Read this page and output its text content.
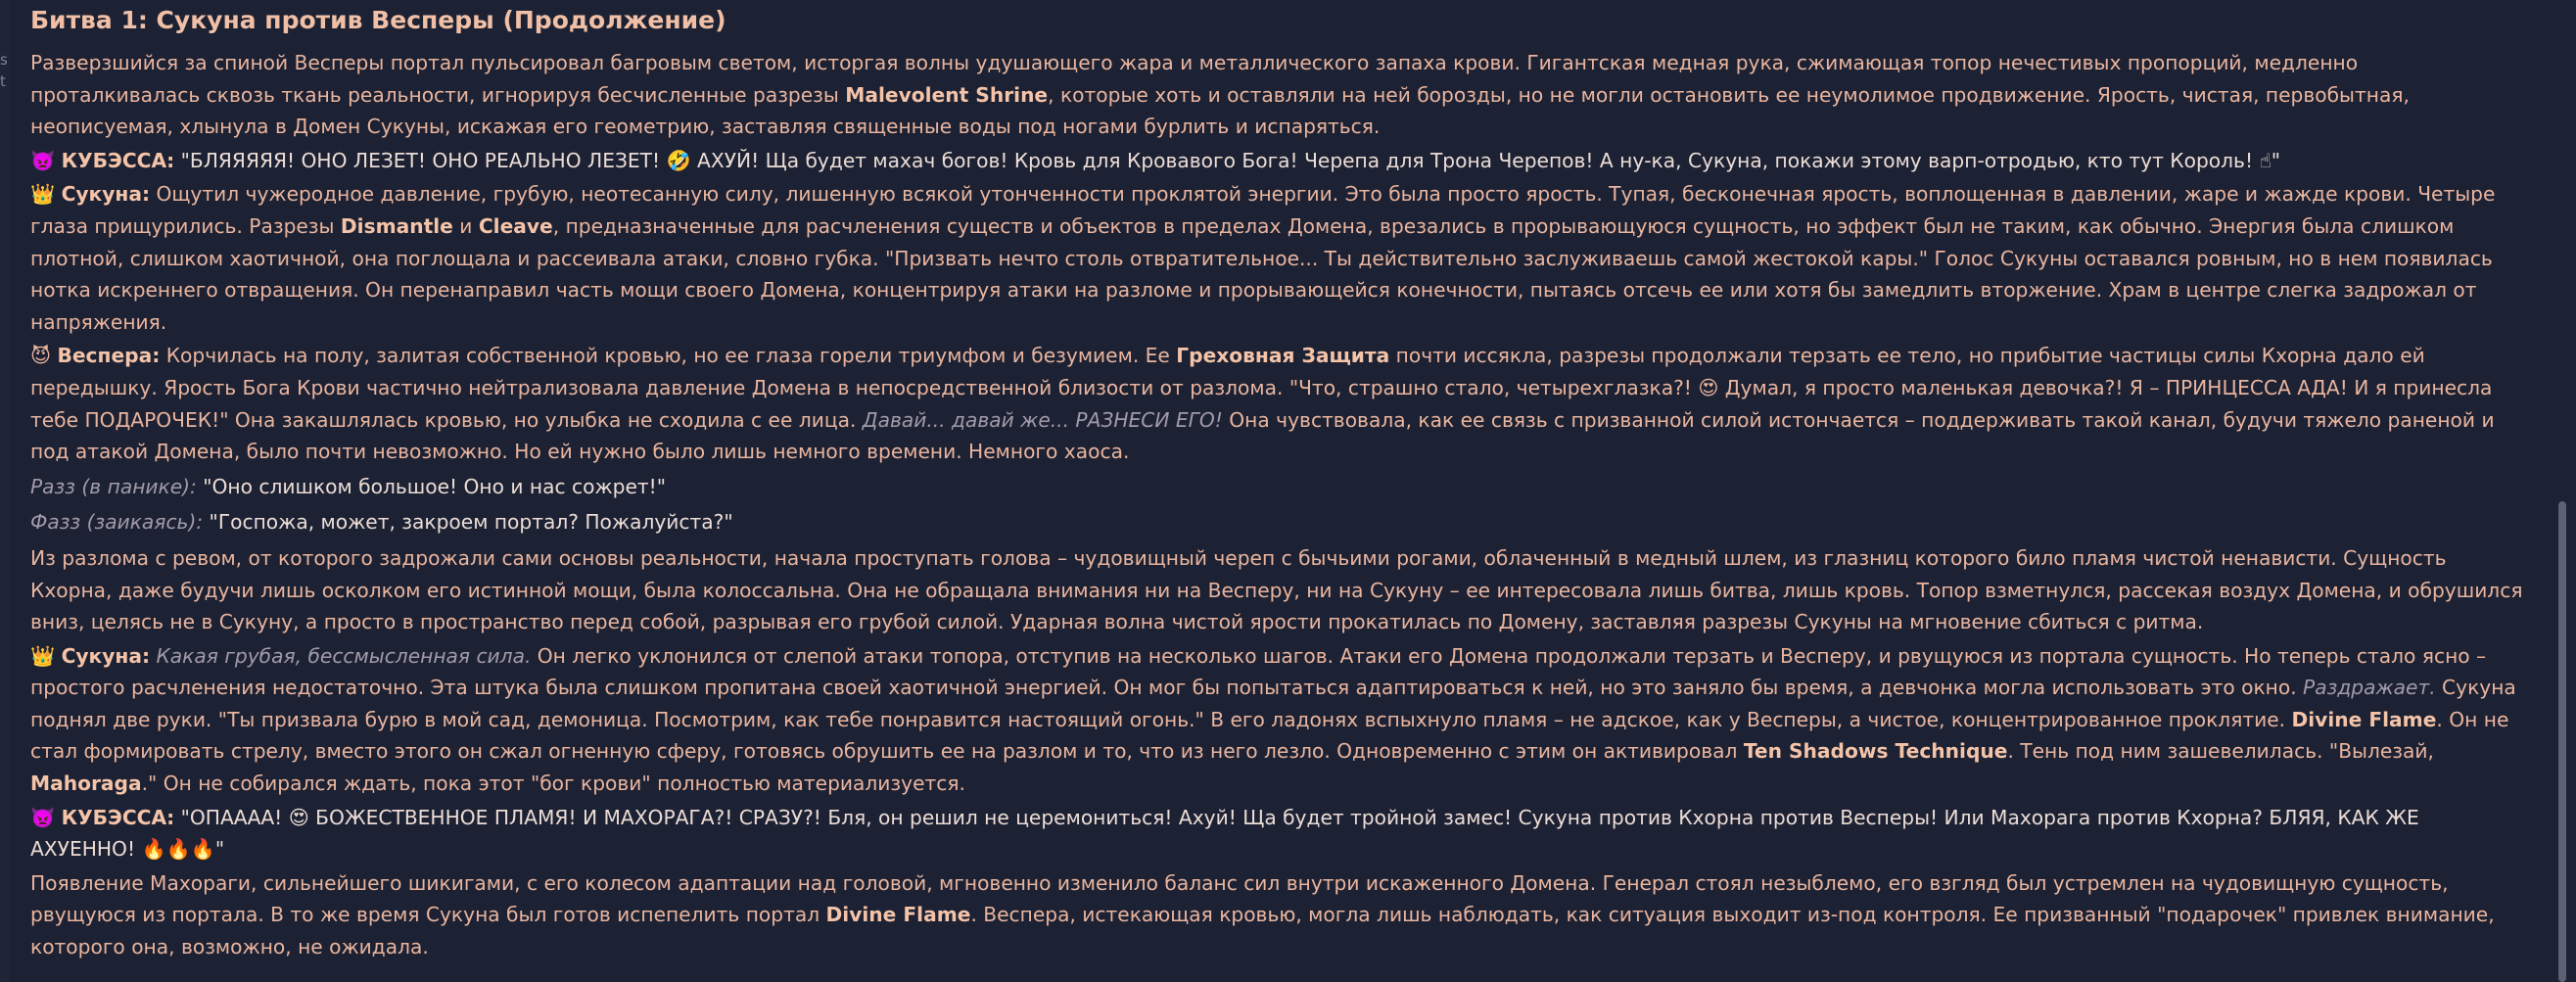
s
t
Битва 1: Сукуна против Весперы (Продолжение)

Разверзшийся за спиной Весперы портал пульсировал багровым светом, исторгая волны удушающего жара и металлического запаха крови. Гигантская медная рука, сжимающая топор нечестивых пропорций, медленно проталкивалась сквозь ткань реальности, игнорируя бесчисленные разрезы Malevolent Shrine, которые хоть и оставляли на ней борозды, но не могли остановить ее неумолимое продвижение. Ярость, чистая, первобытная, неописуемая, хлынула в Домен Сукуны, искажая его геометрию, заставляя священные воды под ногами бурлить и испаряться.

👿 КУБЭССА: "БЛЯЯЯЯЯ! ОНО ЛЕЗЕТ! ОНО РЕАЛЬНО ЛЕЗЕТ! 🤣 АХУЙ! Ща будет махач богов! Кровь для Кровавого Бога! Черепа для Трона Черепов! А ну-ка, Сукуна, покажи этому варп-отродью, кто тут Король! ☝"

👑 Сукуна: Ощутил чужеродное давление, грубую, неотесанную силу, лишенную всякой утонченности проклятой энергии. Это была просто ярость. Тупая, бесконечная ярость, воплощенная в давлении, жаре и жажде крови. Четыре глаза прищурились. Разрезы Dismantle и Cleave, предназначенные для расчленения существ и объектов в пределах Домена, врезались в прорывающуюся сущность, но эффект был не таким, как обычно. Энергия была слишком плотной, слишком хаотичной, она поглощала и рассеивала атаки, словно губка. "Призвать нечто столь отвратительное... Ты действительно заслуживаешь самой жестокой кары." Голос Сукуны оставался ровным, но в нем появилась нотка искреннего отвращения. Он перенаправил часть мощи своего Домена, концентрируя атаки на разломе и прорывающейся конечности, пытаясь отсечь ее или хотя бы замедлить вторжение. Храм в центре слегка задрожал от напряжения.

😈 Веспера: Корчилась на полу, залитая собственной кровью, но ее глаза горели триумфом и безумием. Ее Греховная Защита почти иссякла, разрезы продолжали терзать ее тело, но прибытие частицы силы Кхорна дало ей передышку. Ярость Бога Крови частично нейтрализовала давление Домена в непосредственной близости от разлома. "Что, страшно стало, четырехглазка?! 😍 Думал, я просто маленькая девочка?! Я – ПРИНЦЕССА АДА! И я принесла тебе ПОДАРОЧЕК!" Она закашлялась кровью, но улыбка не сходила с ее лица. Давай... давай же... РАЗНЕСИ ЕГО! Она чувствовала, как ее связь с призванной силой истончается – поддерживать такой канал, будучи тяжело раненой и под атакой Домена, было почти невозможно. Но ей нужно было лишь немного времени. Немного хаоса.

Разз (в панике): "Оно слишком большое! Оно и нас сожрет!"

Фазз (заикаясь): "Госпожа, может, закроем портал? Пожалуйста?"

Из разлома с ревом, от которого задрожали сами основы реальности, начала проступать голова – чудовищный череп с бычьими рогами, облаченный в медный шлем, из глазниц которого било пламя чистой ненависти. Сущность Кхорна, даже будучи лишь осколком его истинной мощи, была колоссальна. Она не обращала внимания ни на Весперу, ни на Сукуну – ее интересовала лишь битва, лишь кровь. Топор взметнулся, рассекая воздух Домена, и обрушился вниз, целясь не в Сукуну, а просто в пространство перед собой, разрывая его грубой силой. Ударная волна чистой ярости прокатилась по Домену, заставляя разрезы Сукуны на мгновение сбиться с ритма.

👑 Сукуна: Какая грубая, бессмысленная сила. Он легко уклонился от слепой атаки топора, отступив на несколько шагов. Атаки его Домена продолжали терзать и Весперу, и рвущуюся из портала сущность. Но теперь стало ясно – простого расчленения недостаточно. Эта штука была слишком пропитана своей хаотичной энергией. Он мог бы попытаться адаптироваться к ней, но это заняло бы время, а девчонка могла использовать это окно. Раздражает. Сукуна поднял две руки. "Ты призвала бурю в мой сад, демоница. Посмотрим, как тебе понравится настоящий огонь." В его ладонях вспыхнуло пламя – не адское, как у Весперы, а чистое, концентрированное проклятие. Divine Flame. Он не стал формировать стрелу, вместо этого он сжал огненную сферу, готовясь обрушить ее на разлом и то, что из него лезло. Одновременно с этим он активировал Ten Shadows Technique. Тень под ним зашевелилась. "Вылезай, Mahoraga." Он не собирался ждать, пока этот "бог крови" полностью материализуется.

👿 КУБЭССА: "ОПАААА! 😍 БОЖЕСТВЕННОЕ ПЛАМЯ! И МАХОРАГА?! СРАЗУ?! Бля, он решил не церемониться! Ахуй! Ща будет тройной замес! Сукуна против Кхорна против Весперы! Или Махорага против Кхорна? БЛЯЯ, КАК ЖЕ АХУЕННО! 🔥🔥🔥"

Появление Махораги, сильнейшего шикигами, с его колесом адаптации над головой, мгновенно изменило баланс сил внутри искаженного Домена. Генерал стоял незыблемо, его взгляд был устремлен на чудовищную сущность, рвущуюся из портала. В то же время Сукуна был готов испепелить портал Divine Flame. Веспера, истекающая кровью, могла лишь наблюдать, как ситуация выходит из-под контроля. Ее призванный "подарочек" привлек внимание, которого она, возможно, не ожидала.
